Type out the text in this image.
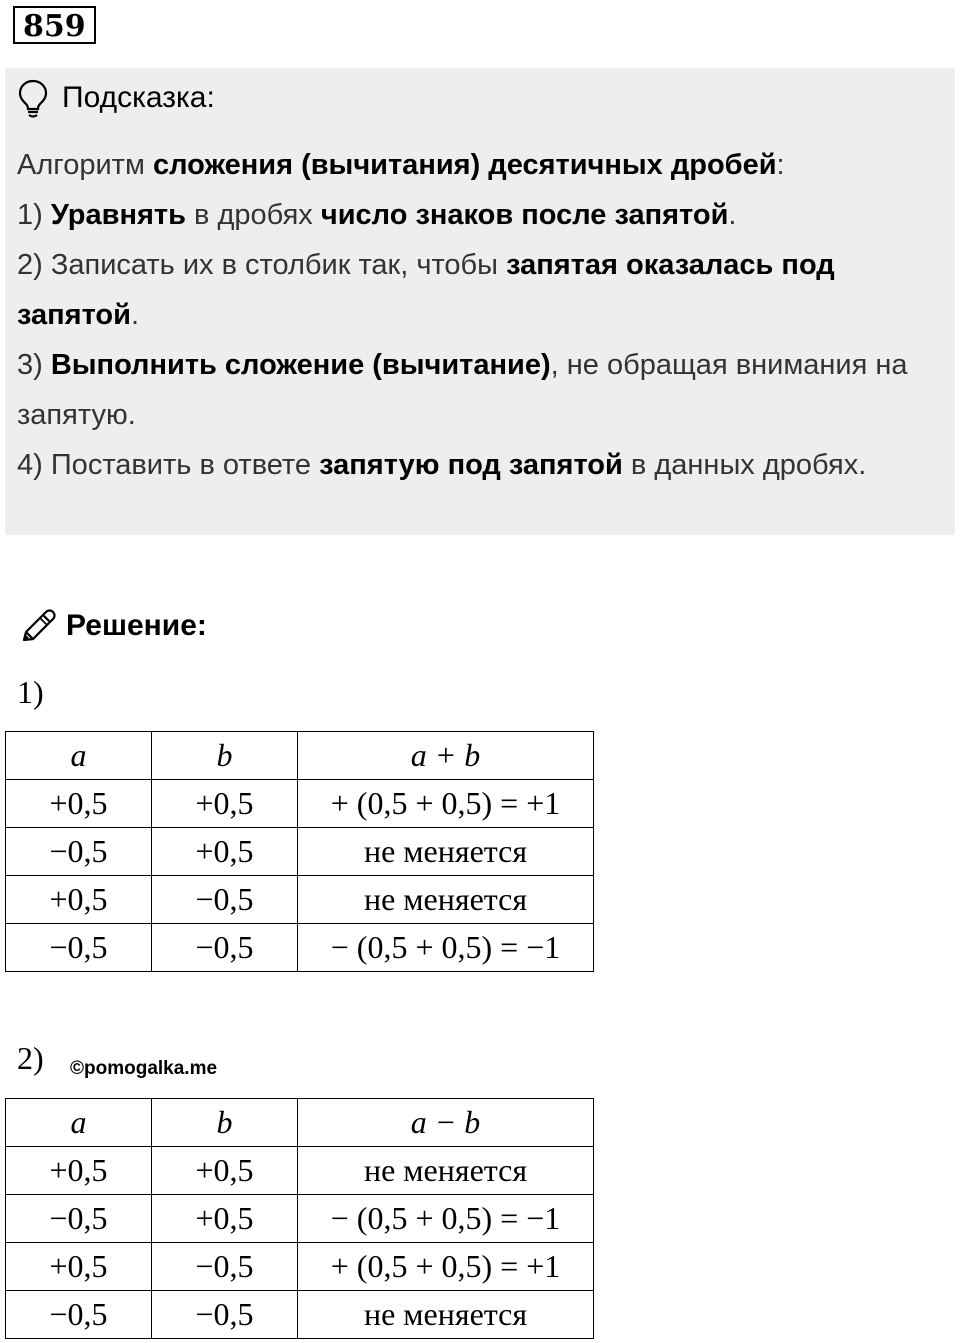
859
Подсказка:

Алгоритм сложения (вычитания) десятичных дробей:

1) Уравнять в дробях число знаков после запятой.

2) Записать их в столбик так, чтобы запятая оказалась под запятой.

3) Выполнить сложение (вычитание), не обращая внимания на запятую.

4) Поставить в ответе запятую под запятой в данных дробях.

Решение:
1)
a	b	a + b
+0,5	+0,5	+ (0,5 + 0,5) = +1
−0,5	+0,5	не меняется
+0,5	−0,5	не меняется
−0,5	−0,5	− (0,5 + 0,5) = −1
2) ©pomogalka.me
a	b	a − b
+0,5	+0,5	не меняется
−0,5	+0,5	− (0,5 + 0,5) = −1
+0,5	−0,5	+ (0,5 + 0,5) = +1
−0,5	−0,5	не меняется
